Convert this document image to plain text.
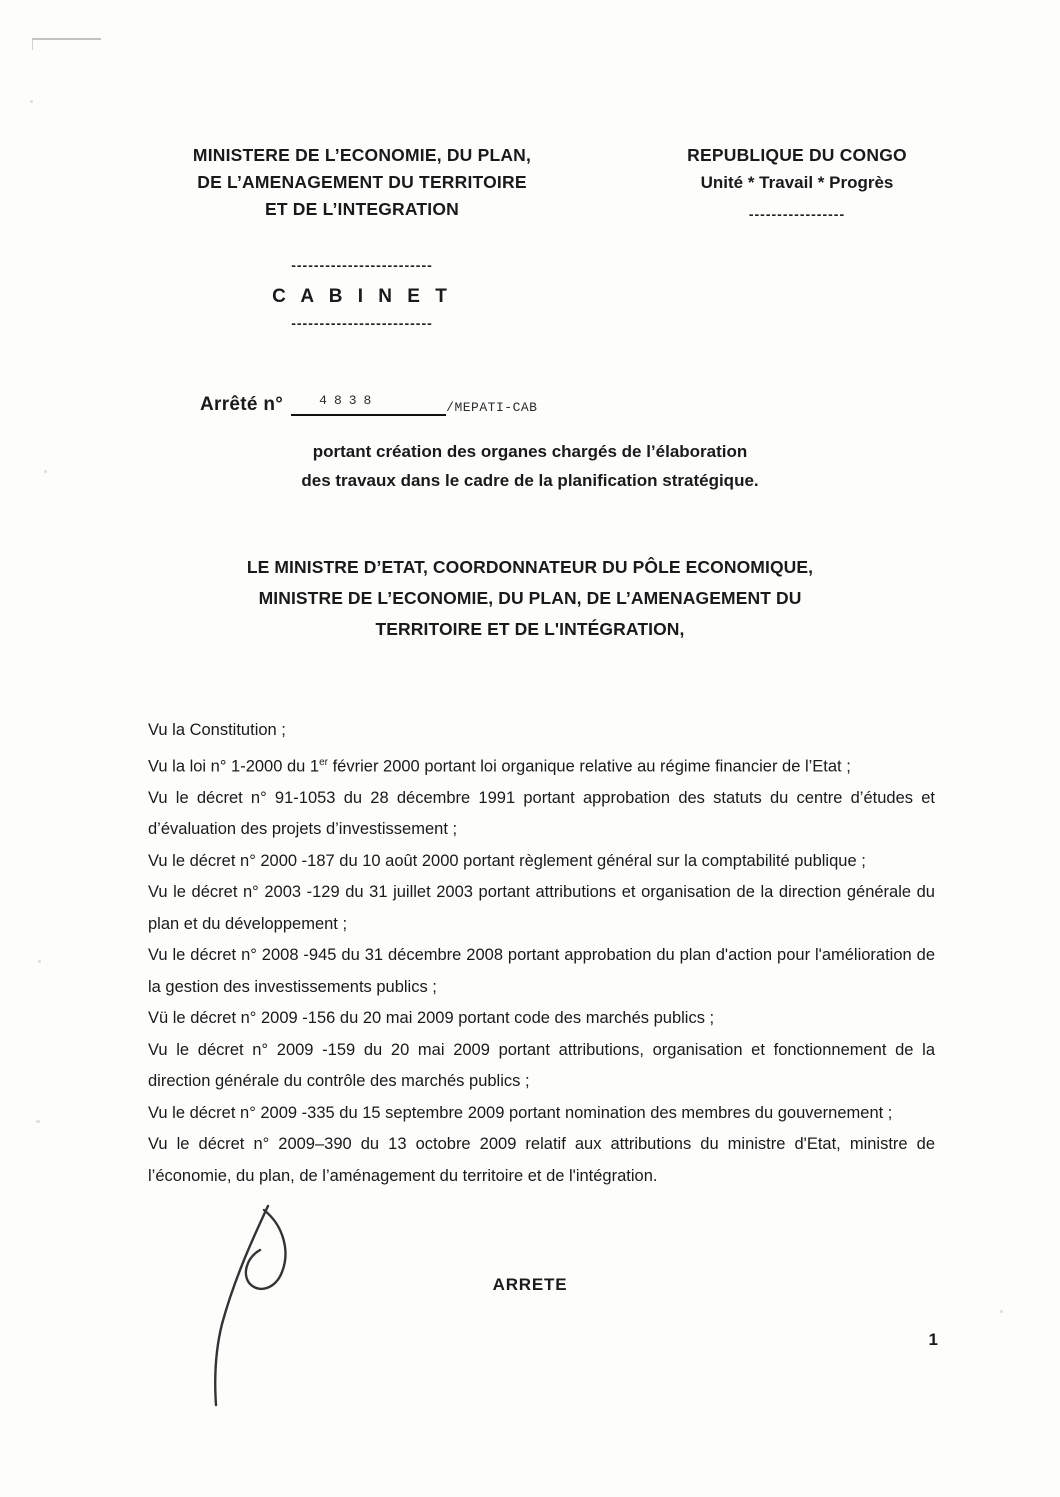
MINISTERE DE L’ECONOMIE, DU PLAN,
DE L’AMENAGEMENT DU TERRITOIRE
ET DE L’INTEGRATION
REPUBLIQUE DU CONGO
Unité * Travail * Progrès
-----------------
-------------------------
C A B I N E T
-------------------------
Arrêté n°	4838	/MEPATI-CAB
portant création des organes chargés de l’élaboration
des travaux dans le cadre de la planification stratégique.
LE MINISTRE D’ETAT, COORDONNATEUR DU PÔLE ECONOMIQUE,
MINISTRE DE L’ECONOMIE, DU PLAN, DE L’AMENAGEMENT DU
TERRITOIRE ET DE L'INTÉGRATION,

Vu la Constitution ;

Vu la loi n° 1-2000 du 1er février 2000 portant loi organique relative au régime financier de l’Etat ;

Vu le décret n° 91-1053 du 28 décembre 1991 portant approbation des statuts du centre d’études et d’évaluation des projets d’investissement ;

Vu le décret n° 2000 -187 du 10 août 2000 portant règlement général sur la comptabilité publique ;

Vu le décret n° 2003 -129 du 31 juillet 2003 portant attributions et organisation de la direction générale du plan et du développement ;

Vu le décret n° 2008 -945 du 31 décembre 2008 portant approbation du plan d'action pour l'amélioration de la gestion des investissements publics ;

Vü le décret n° 2009 -156 du 20 mai 2009 portant code des marchés publics ;

Vu le décret n° 2009 -159 du 20 mai 2009 portant attributions, organisation et fonctionnement de la direction générale du contrôle des marchés publics ;

Vu le décret n° 2009 -335 du 15 septembre 2009 portant nomination des membres du gouvernement ;

Vu le décret n° 2009–390 du 13 octobre 2009 relatif aux attributions du ministre d'Etat, ministre de l’économie, du plan, de l’aménagement du territoire et de l'intégration.

ARRETE
1
